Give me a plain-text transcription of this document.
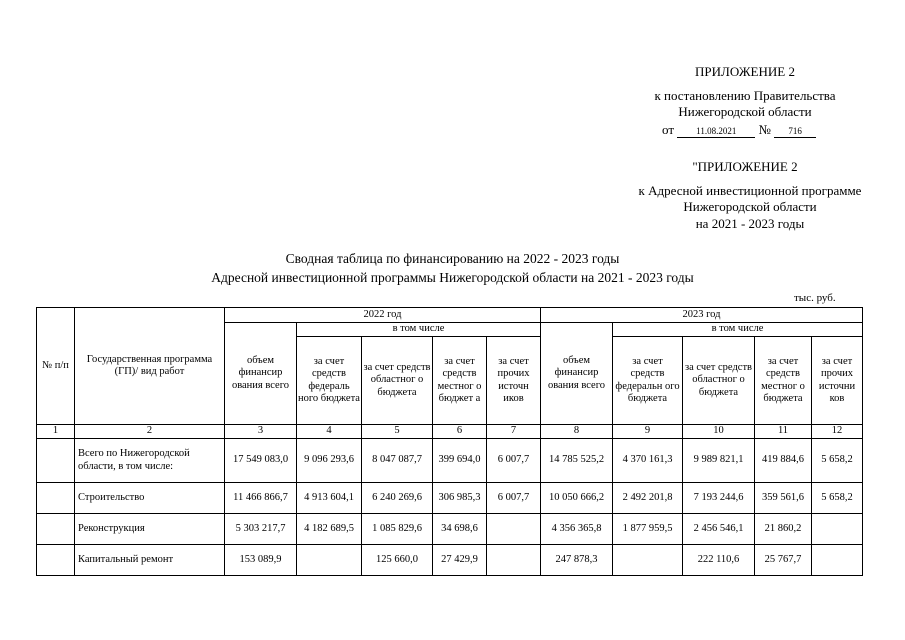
ПРИЛОЖЕНИЕ 2
к постановлению Правительства
Нижегородской области
от 11.08.2021 № 716
"ПРИЛОЖЕНИЕ 2
к Адресной инвестиционной программе
Нижегородской области
на 2021 - 2023 годы
Сводная таблица по финансированию на 2022 - 2023 годы
Адресной инвестиционной программы Нижегородской области на 2021 - 2023 годы
тыс. руб.
№ п/п	Государственная программа (ГП)/ вид работ	2022 год					2023 год				
		объем финансир ования всего	в том числе				объем финансир ования всего	в том числе			
			за счет средств федераль ного бюджета	за счет средств областног о бюджета	за счет средств местног о бюджет а	за счет прочих источн иков		за счет средств федеральн ого бюджета	за счет средств областног о бюджета	за счет средств местног о бюджета	за счет прочих источни ков
1	2	3	4	5	6	7	8	9	10	11	12
	Всего по Нижегородской области, в том числе:	17 549 083,0	9 096 293,6	8 047 087,7	399 694,0	6 007,7	14 785 525,2	4 370 161,3	9 989 821,1	419 884,6	5 658,2
	Строительство	11 466 866,7	4 913 604,1	6 240 269,6	306 985,3	6 007,7	10 050 666,2	2 492 201,8	7 193 244,6	359 561,6	5 658,2
	Реконструкция	5 303 217,7	4 182 689,5	1 085 829,6	34 698,6		4 356 365,8	1 877 959,5	2 456 546,1	21 860,2	
	Капитальный ремонт	153 089,9		125 660,0	27 429,9		247 878,3		222 110,6	25 767,7	
